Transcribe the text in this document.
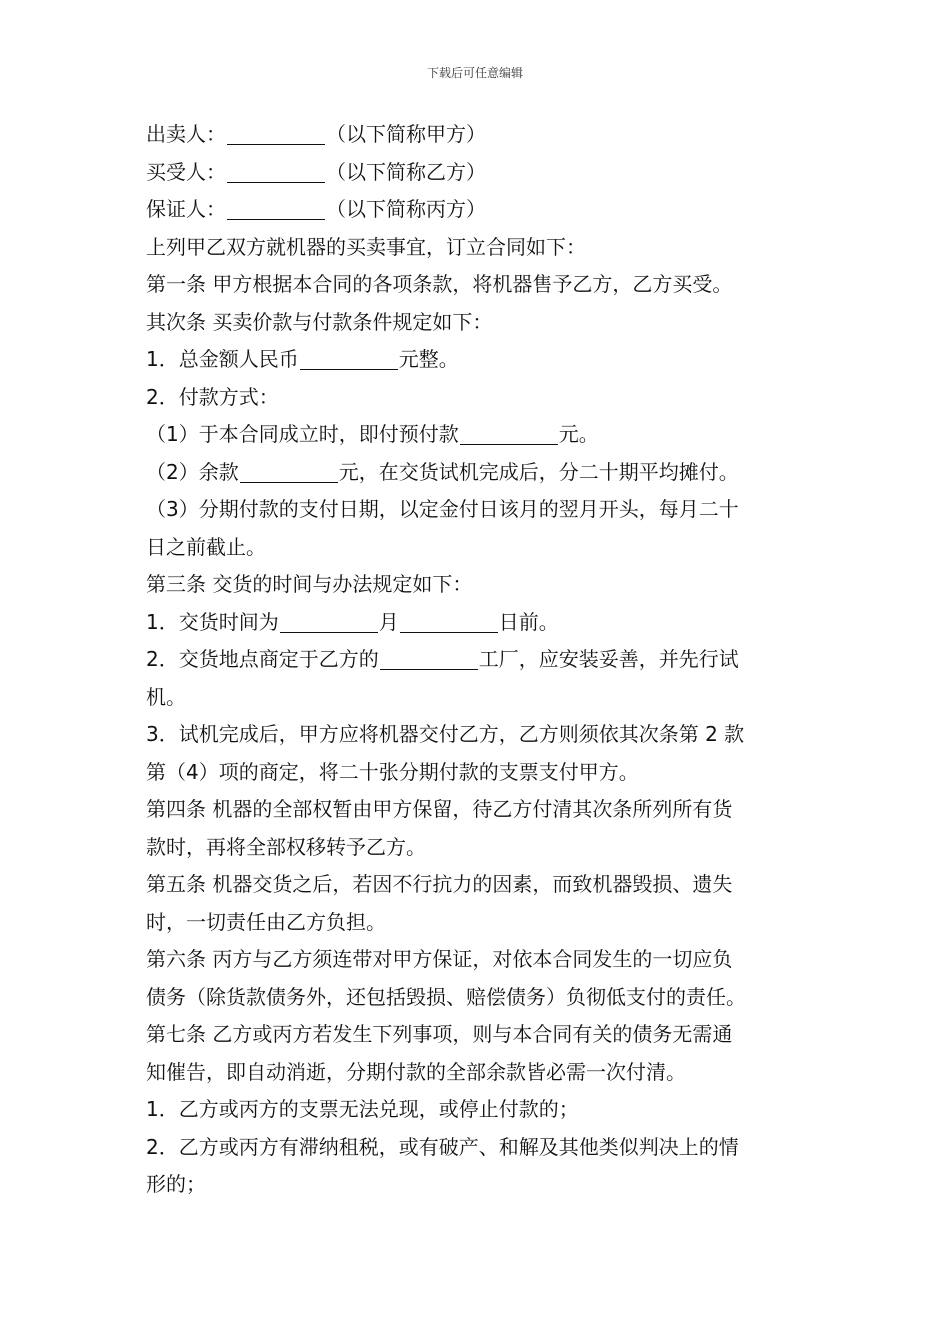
下载后可任意编辑
出卖人：	（以下简称甲方）
买受人：	（以下简称乙方）
保证人：	（以下简称丙方）
上列甲乙双方就机器的买卖事宜，订立合同如下：
第一条 甲方根据本合同的各项条款，将机器售予乙方，乙方买受。
其次条 买卖价款与付款条件规定如下：
1．总金额人民币	元整。
2．付款方式：
（1）于本合同成立时，即付预付款	元。
（2）余款	元，在交货试机完成后，分二十期平均摊付。
（3）分期付款的支付日期，以定金付日该月的翌月开头，每月二十
日之前截止。
第三条 交货的时间与办法规定如下：
1．交货时间为	月	日前。
2．交货地点商定于乙方的	工厂，应安装妥善，并先行试
机。
3．试机完成后，甲方应将机器交付乙方，乙方则须依其次条第 2 款
第（4）项的商定，将二十张分期付款的支票支付甲方。
第四条 机器的全部权暂由甲方保留，待乙方付清其次条所列所有货
款时，再将全部权移转予乙方。
第五条 机器交货之后，若因不行抗力的因素，而致机器毁损、遗失
时，一切责任由乙方负担。
第六条 丙方与乙方须连带对甲方保证，对依本合同发生的一切应负
债务（除货款债务外，还包括毁损、赔偿债务）负彻低支付的责任。
第七条 乙方或丙方若发生下列事项，则与本合同有关的债务无需通
知催告，即自动消逝，分期付款的全部余款皆必需一次付清。
1．乙方或丙方的支票无法兑现，或停止付款的；
2．乙方或丙方有滞纳租税，或有破产、和解及其他类似判决上的情
形的；
